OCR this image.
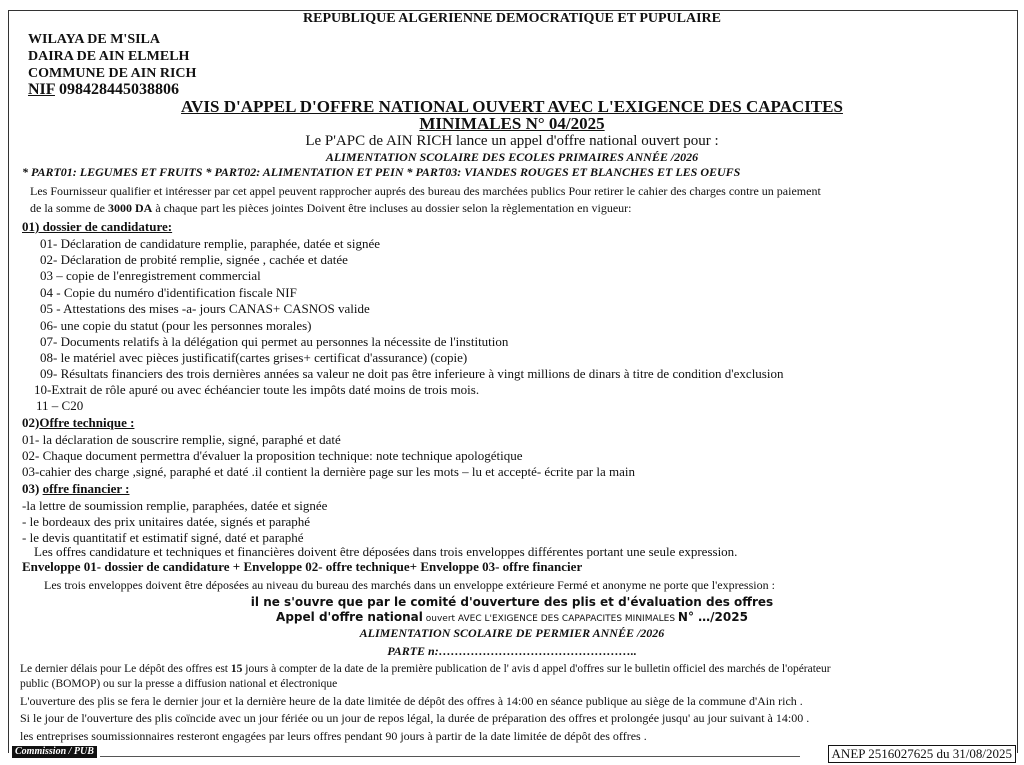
REPUBLIQUE ALGERIENNE DEMOCRATIQUE ET PUPULAIRE
WILAYA DE M'SILA
DAIRA DE AIN ELMELH
COMMUNE DE AIN RICH
NIF 098428445038806
AVIS D'APPEL D'OFFRE NATIONAL OUVERT AVEC L'EXIGENCE DES CAPACITES
MINIMALES N° 04/2025
Le P'APC de AIN RICH lance un appel d'offre national ouvert pour :
ALIMENTATION SCOLAIRE DES ECOLES PRIMAIRES ANNÉE /2026
* PART01: LEGUMES ET FRUITS * PART02: ALIMENTATION ET PEIN * PART03: VIANDES ROUGES ET BLANCHES ET LES OEUFS
Les Fournisseur qualifier et intéresser par cet appel peuvent rapprocher auprés des bureau des marchées publics Pour retirer le cahier des charges contre un paiement
de la somme de 3000 DA à chaque part les pièces jointes Doivent être incluses au dossier selon la règlementation en vigueur:
01) dossier de candidature:
01- Déclaration de candidature remplie, paraphée, datée et signée
02- Déclaration de probité remplie, signée , cachée et datée
03 – copie de l'enregistrement commercial
04 - Copie du numéro d'identification fiscale NIF
05 - Attestations des mises -a- jours CANAS+ CASNOS valide
06- une copie du statut (pour les personnes morales)
07- Documents relatifs à la délégation qui permet au personnes la nécessite de l'institution
08- le matériel avec pièces justificatif(cartes grises+ certificat d'assurance) (copie)
09- Résultats financiers des trois dernières années sa valeur ne doit pas être inferieure à vingt millions de dinars à titre de condition d'exclusion
10-Extrait de rôle apuré ou avec échéancier toute les impôts daté moins de trois mois.
11 – C20
02)Offre technique :
01- la déclaration de souscrire remplie, signé, paraphé et daté
02- Chaque document permettra d'évaluer la proposition technique: note technique apologétique
03-cahier des charge ,signé, paraphé et daté .il contient la dernière page sur les mots – lu et accepté- écrite par la main
03) offre financier :
-la lettre de soumission remplie, paraphées, datée et signée
- le bordeaux des prix unitaires datée, signés et paraphé
- le devis quantitatif et estimatif signé, daté et paraphé
Les offres candidature et techniques et financières doivent être déposées dans trois enveloppes différentes portant une seule expression.
Enveloppe 01- dossier de candidature + Enveloppe 02- offre technique+ Enveloppe 03- offre financier
Les trois enveloppes doivent être déposées au niveau du bureau des marchés dans un enveloppe extérieure Fermé et anonyme ne porte que l'expression :
il ne s'ouvre que par le comité d'ouverture des plis et d'évaluation des offres
Appel d'offre national ouvert AVEC L'EXIGENCE DES CAPAPACITES MINIMALES N° …/2025
ALIMENTATION SCOLAIRE DE PERMIER ANNÉE /2026
PARTE n:…………………………………………..
Le dernier délais pour Le dépôt des offres est 15 jours à compter de la date de la première publication de l' avis d appel d'offres sur le bulletin officiel des marchés de l'opérateur
public (BOMOP) ou sur la presse a diffusion national et électronique
L'ouverture des plis se fera le dernier jour et la dernière heure de la date limitée de dépôt des offres à 14:00 en séance publique au siège de la commune d'Ain rich .
Si le jour de l'ouverture des plis coïncide avec un jour fériée ou un jour de repos légal, la durée de préparation des offres et prolongée jusqu' au jour suivant à 14:00 .
les entreprises soumissionnaires resteront engagées par leurs offres pendant 90 jours à partir de la date limitée de dépôt des offres .
Commission / PUB	ANEP 2516027625 du 31/08/2025
